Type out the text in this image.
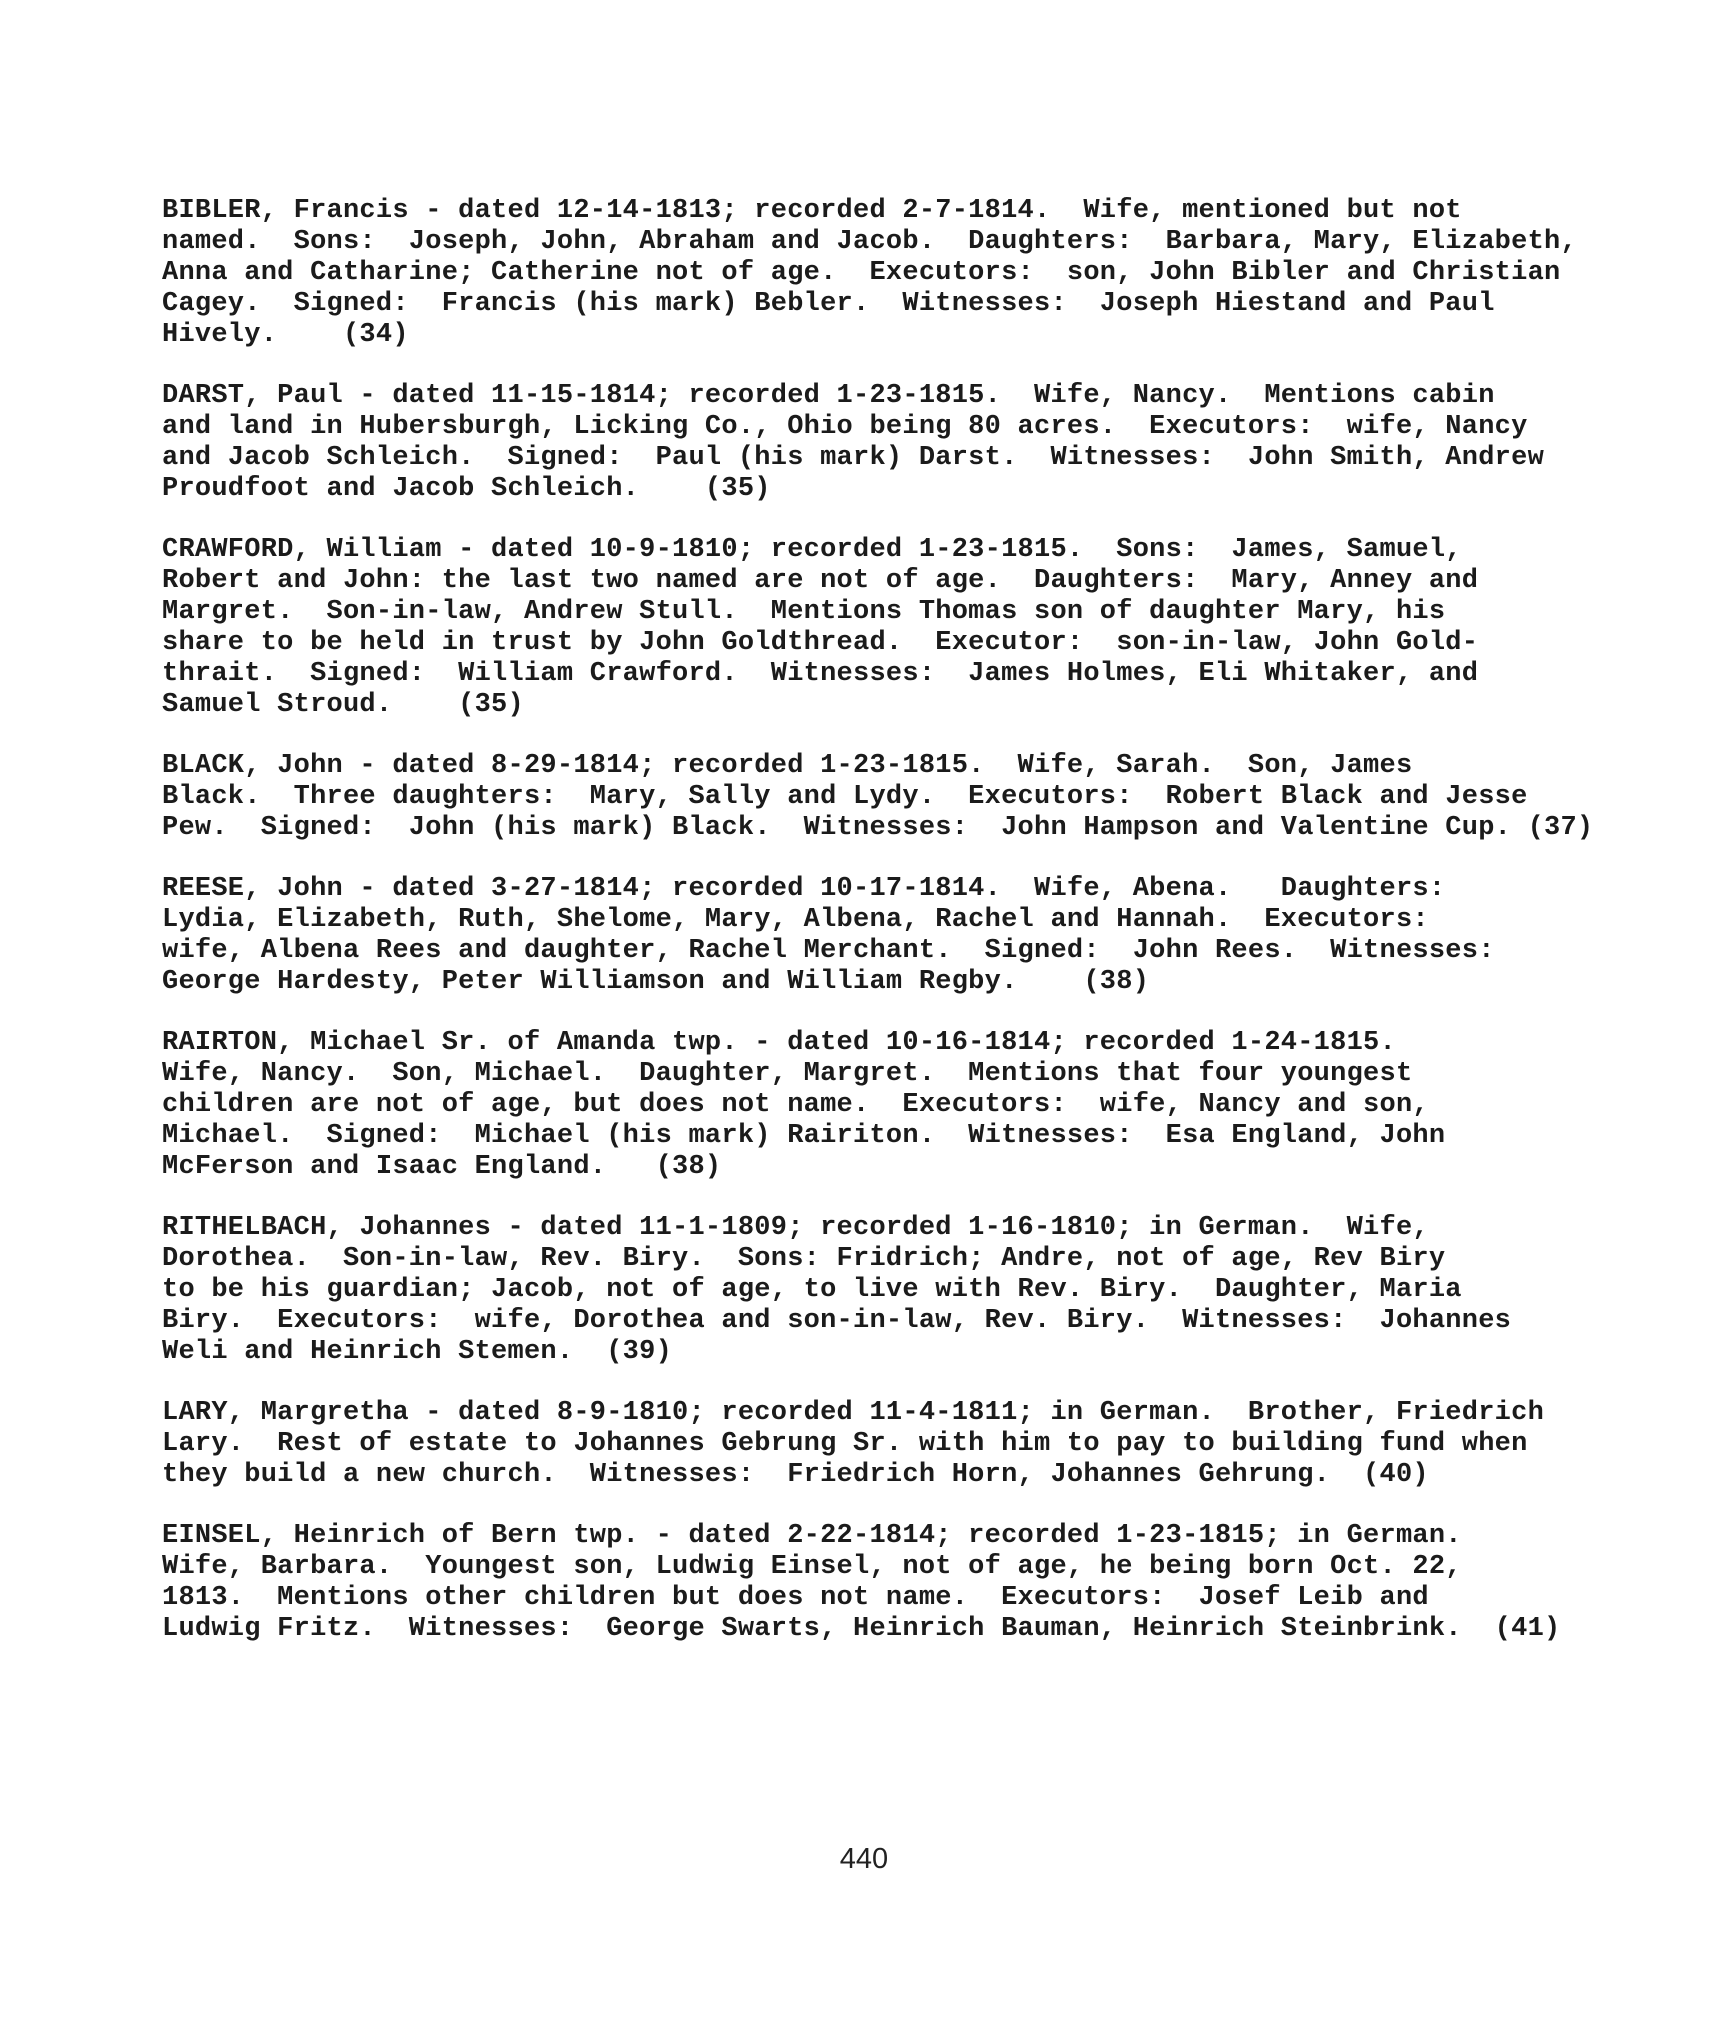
BIBLER, Francis - dated 12-14-1813; recorded 2-7-1814.  Wife, mentioned but not
named.  Sons:  Joseph, John, Abraham and Jacob.  Daughters:  Barbara, Mary, Elizabeth,
Anna and Catharine; Catherine not of age.  Executors:  son, John Bibler and Christian
Cagey.  Signed:  Francis (his mark) Bebler.  Witnesses:  Joseph Hiestand and Paul
Hively.    (34)
DARST, Paul - dated 11-15-1814; recorded 1-23-1815.  Wife, Nancy.  Mentions cabin
and land in Hubersburgh, Licking Co., Ohio being 80 acres.  Executors:  wife, Nancy
and Jacob Schleich.  Signed:  Paul (his mark) Darst.  Witnesses:  John Smith, Andrew
Proudfoot and Jacob Schleich.    (35)
CRAWFORD, William - dated 10-9-1810; recorded 1-23-1815.  Sons:  James, Samuel,
Robert and John: the last two named are not of age.  Daughters:  Mary, Anney and
Margret.  Son-in-law, Andrew Stull.  Mentions Thomas son of daughter Mary, his
share to be held in trust by John Goldthread.  Executor:  son-in-law, John Gold-
thrait.  Signed:  William Crawford.  Witnesses:  James Holmes, Eli Whitaker, and
Samuel Stroud.    (35)
BLACK, John - dated 8-29-1814; recorded 1-23-1815.  Wife, Sarah.  Son, James
Black.  Three daughters:  Mary, Sally and Lydy.  Executors:  Robert Black and Jesse
Pew.  Signed:  John (his mark) Black.  Witnesses:  John Hampson and Valentine Cup. (37)
REESE, John - dated 3-27-1814; recorded 10-17-1814.  Wife, Abena.   Daughters:
Lydia, Elizabeth, Ruth, Shelome, Mary, Albena, Rachel and Hannah.  Executors:
wife, Albena Rees and daughter, Rachel Merchant.  Signed:  John Rees.  Witnesses:
George Hardesty, Peter Williamson and William Regby.    (38)
RAIRTON, Michael Sr. of Amanda twp. - dated 10-16-1814; recorded 1-24-1815.
Wife, Nancy.  Son, Michael.  Daughter, Margret.  Mentions that four youngest
children are not of age, but does not name.  Executors:  wife, Nancy and son,
Michael.  Signed:  Michael (his mark) Rairiton.  Witnesses:  Esa England, John
McFerson and Isaac England.   (38)
RITHELBACH, Johannes - dated 11-1-1809; recorded 1-16-1810; in German.  Wife,
Dorothea.  Son-in-law, Rev. Biry.  Sons: Fridrich; Andre, not of age, Rev Biry
to be his guardian; Jacob, not of age, to live with Rev. Biry.  Daughter, Maria
Biry.  Executors:  wife, Dorothea and son-in-law, Rev. Biry.  Witnesses:  Johannes
Weli and Heinrich Stemen.  (39)
LARY, Margretha - dated 8-9-1810; recorded 11-4-1811; in German.  Brother, Friedrich
Lary.  Rest of estate to Johannes Gebrung Sr. with him to pay to building fund when
they build a new church.  Witnesses:  Friedrich Horn, Johannes Gehrung.  (40)
EINSEL, Heinrich of Bern twp. - dated 2-22-1814; recorded 1-23-1815; in German.
Wife, Barbara.  Youngest son, Ludwig Einsel, not of age, he being born Oct. 22,
1813.  Mentions other children but does not name.  Executors:  Josef Leib and
Ludwig Fritz.  Witnesses:  George Swarts, Heinrich Bauman, Heinrich Steinbrink.  (41)
440
